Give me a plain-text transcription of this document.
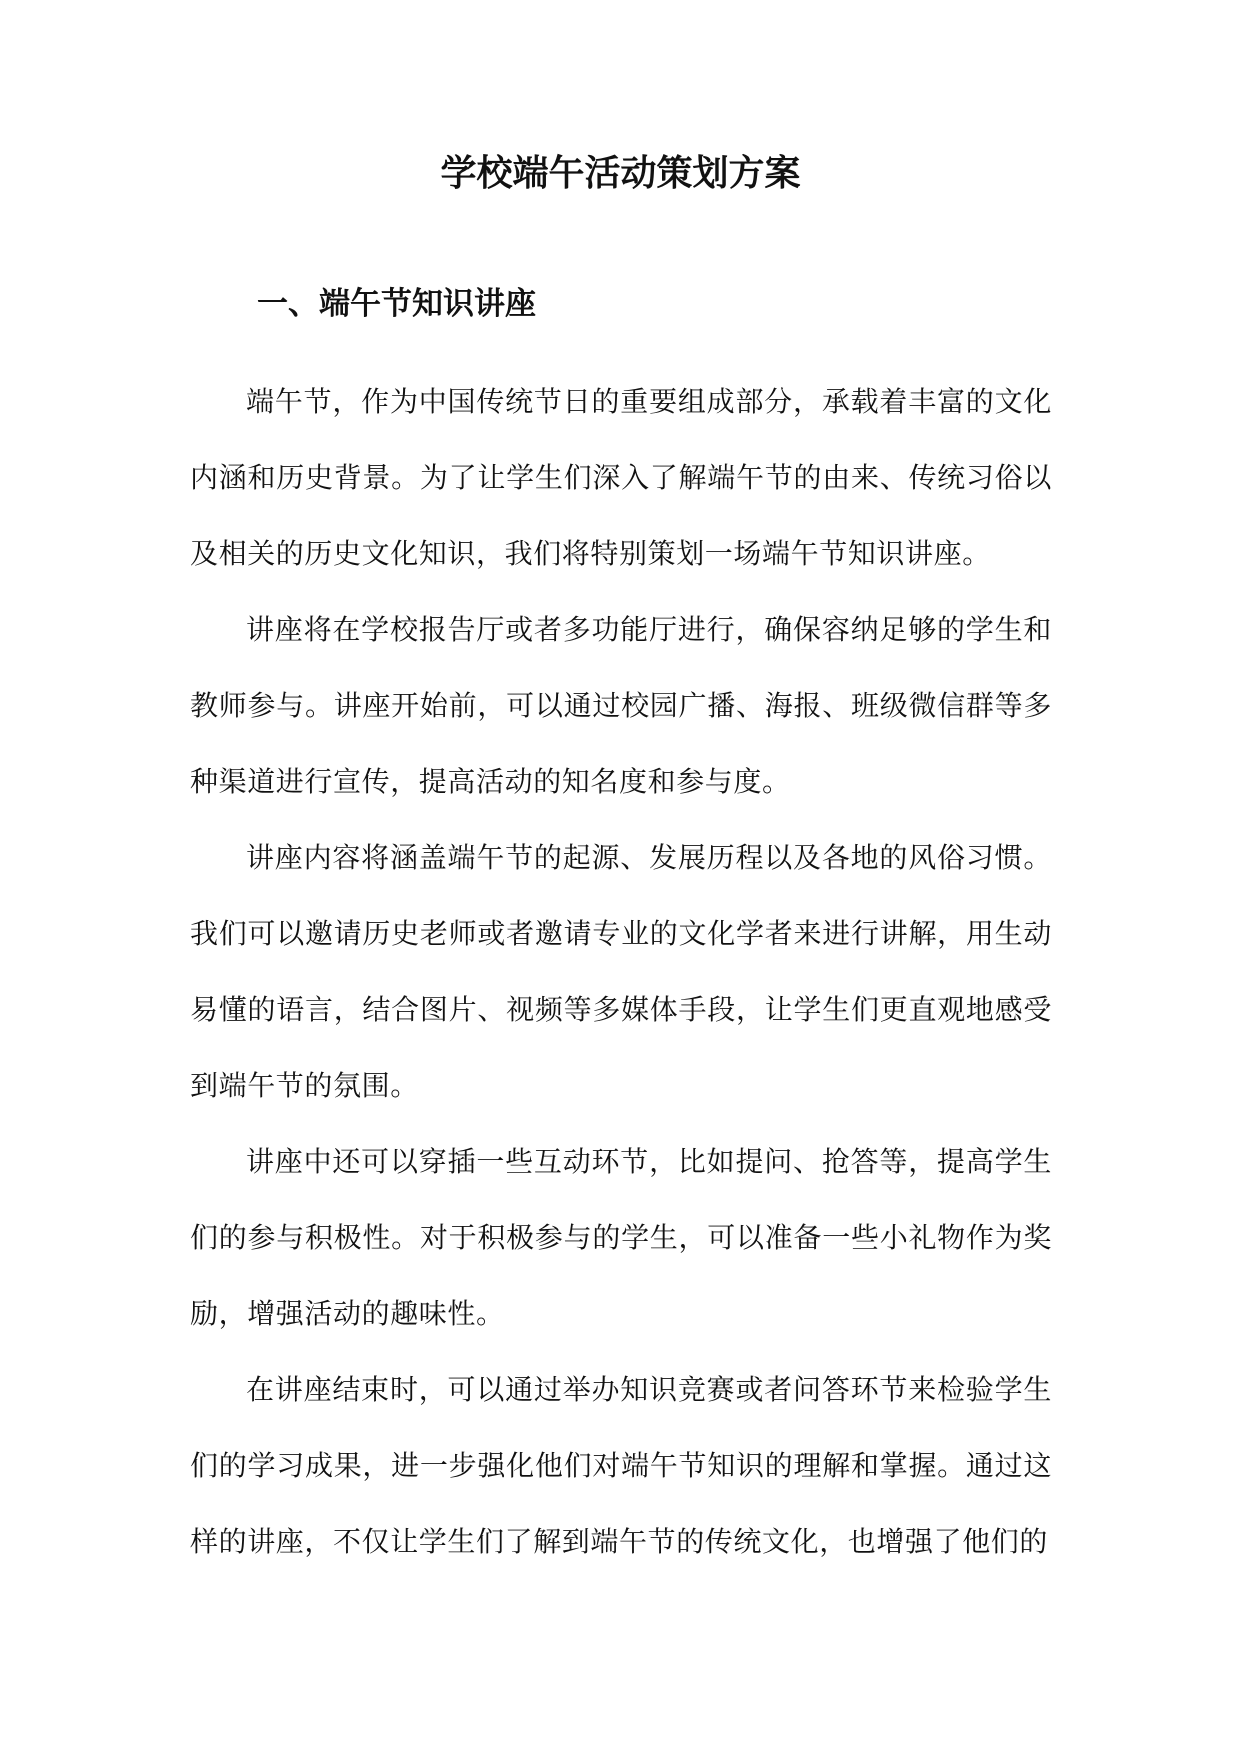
学校端午活动策划方案
一、端午节知识讲座

端午节，作为中国传统节日的重要组成部分，承载着丰富的文化内涵和历史背景。为了让学生们深入了解端午节的由来、传统习俗以及相关的历史文化知识，我们将特别策划一场端午节知识讲座。

讲座将在学校报告厅或者多功能厅进行，确保容纳足够的学生和教师参与。讲座开始前，可以通过校园广播、海报、班级微信群等多种渠道进行宣传，提高活动的知名度和参与度。

讲座内容将涵盖端午节的起源、发展历程以及各地的风俗习惯。我们可以邀请历史老师或者邀请专业的文化学者来进行讲解，用生动易懂的语言，结合图片、视频等多媒体手段，让学生们更直观地感受到端午节的氛围。

讲座中还可以穿插一些互动环节，比如提问、抢答等，提高学生们的参与积极性。对于积极参与的学生，可以准备一些小礼物作为奖励，增强活动的趣味性。

在讲座结束时，可以通过举办知识竞赛或者问答环节来检验学生们的学习成果，进一步强化他们对端午节知识的理解和掌握。通过这样的讲座，不仅让学生们了解到端午节的传统文化，也增强了他们的
